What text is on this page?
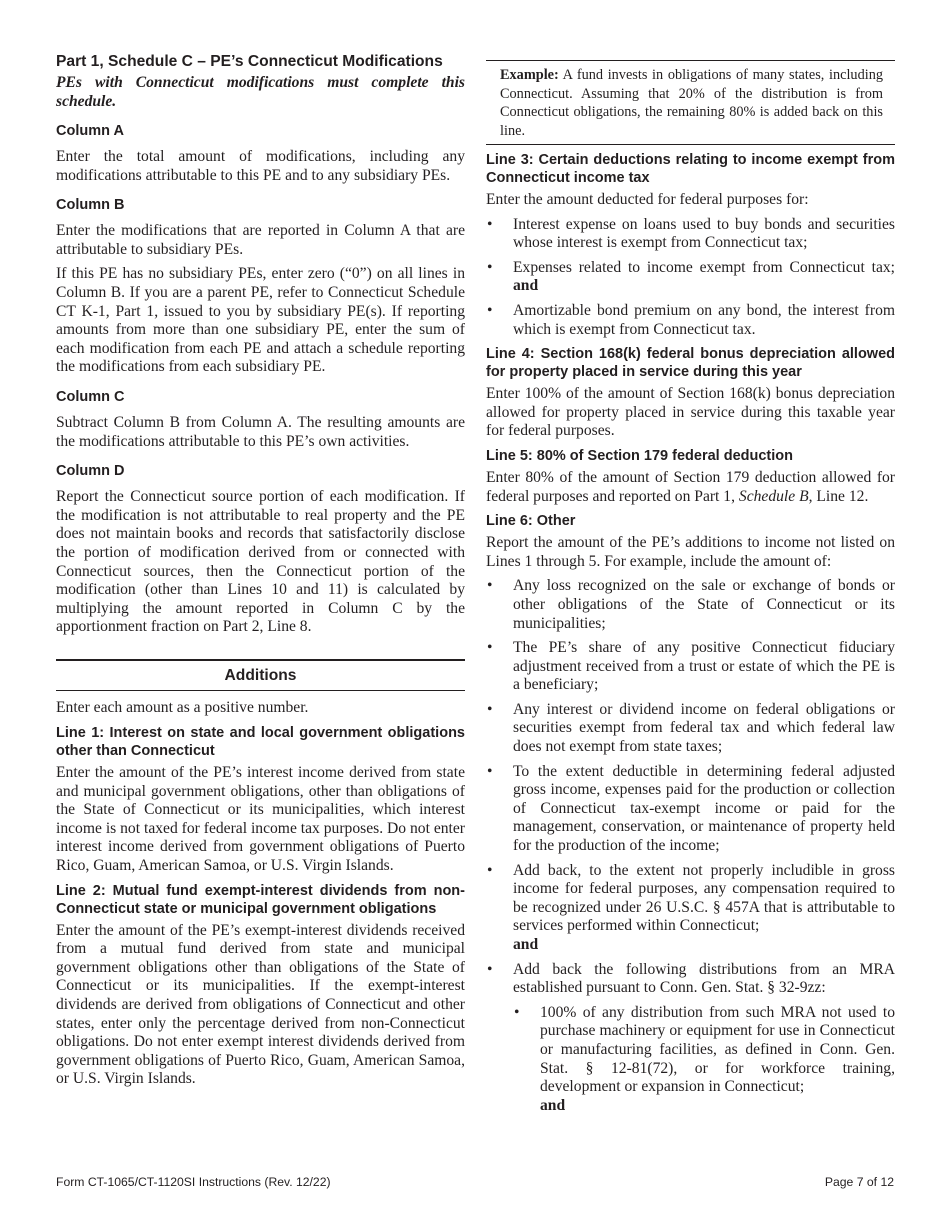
Part 1, Schedule C – PE’s Connecticut Modifications
PEs with Connecticut modifications must complete this schedule.
Column A

Enter the total amount of modifications, including any modifications attributable to this PE and to any subsidiary PEs.

Column B

Enter the modifications that are reported in Column A that are attributable to subsidiary PEs.

If this PE has no subsidiary PEs, enter zero (“0”) on all lines in Column B. If you are a parent PE, refer to Connecticut Schedule CT K-1, Part 1, issued to you by subsidiary PE(s). If reporting amounts from more than one subsidiary PE, enter the sum of each modification from each PE and attach a schedule reporting the modifications from each subsidiary PE.

Column C

Subtract Column B from Column A. The resulting amounts are the modifications attributable to this PE’s own activities.

Column D

Report the Connecticut source portion of each modification. If the modification is not attributable to real property and the PE does not maintain books and records that satisfactorily disclose the portion of modification derived from or connected with Connecticut sources, then the Connecticut portion of the modification (other than Lines 10 and 11) is calculated by multiplying the amount reported in Column C by the apportionment fraction on Part 2, Line 8.

Additions

Enter each amount as a positive number.

Line 1: Interest on state and local government obligations other than Connecticut

Enter the amount of the PE’s interest income derived from state and municipal government obligations, other than obligations of the State of Connecticut or its municipalities, which interest income is not taxed for federal income tax purposes. Do not enter interest income derived from government obligations of Puerto Rico, Guam, American Samoa, or U.S. Virgin Islands.

Line 2: Mutual fund exempt-interest dividends from non-Connecticut state or municipal government obligations

Enter the amount of the PE’s exempt-interest dividends received from a mutual fund derived from state and municipal government obligations other than obligations of the State of Connecticut or its municipalities. If the exempt-interest dividends are derived from obligations of Connecticut and other states, enter only the percentage derived from non-Connecticut obligations. Do not enter exempt interest dividends derived from government obligations of Puerto Rico, Guam, American Samoa, or U.S. Virgin Islands.

Example: A fund invests in obligations of many states, including Connecticut. Assuming that 20% of the distribution is from Connecticut obligations, the remaining 80% is added back on this line.
Line 3: Certain deductions relating to income exempt from Connecticut income tax

Enter the amount deducted for federal purposes for:

• Interest expense on loans used to buy bonds and securities whose interest is exempt from Connecticut tax;
• Expenses related to income exempt from Connecticut tax; and
• Amortizable bond premium on any bond, the interest from which is exempt from Connecticut tax.
Line 4: Section 168(k) federal bonus depreciation allowed for property placed in service during this year

Enter 100% of the amount of Section 168(k) bonus depreciation allowed for property placed in service during this taxable year for federal purposes.

Line 5: 80% of Section 179 federal deduction

Enter 80% of the amount of Section 179 deduction allowed for federal purposes and reported on Part 1, Schedule B, Line 12.

Line 6: Other

Report the amount of the PE’s additions to income not listed on Lines 1 through 5. For example, include the amount of:

• Any loss recognized on the sale or exchange of bonds or other obligations of the State of Connecticut or its municipalities;
• The PE’s share of any positive Connecticut fiduciary adjustment received from a trust or estate of which the PE is a beneficiary;
• Any interest or dividend income on federal obligations or securities exempt from federal tax and which federal law does not exempt from state taxes;
• To the extent deductible in determining federal adjusted gross income, expenses paid for the production or collection of Connecticut tax-exempt income or paid for the management, conservation, or maintenance of property held for the production of the income;
• Add back, to the extent not properly includible in gross income for federal purposes, any compensation required to be recognized under 26 U.S.C. § 457A that is attributable to services performed within Connecticut;
and
• Add back the following distributions from an MRA established pursuant to Conn. Gen. Stat. § 32-9zz:
• 100% of any distribution from such MRA not used to purchase machinery or equipment for use in Connecticut or manufacturing facilities, as defined in Conn. Gen. Stat. § 12-81(72), or for workforce training, development or expansion in Connecticut;
and
Form CT-1065/CT-1120SI Instructions (Rev. 12/22)	Page 7 of 12
